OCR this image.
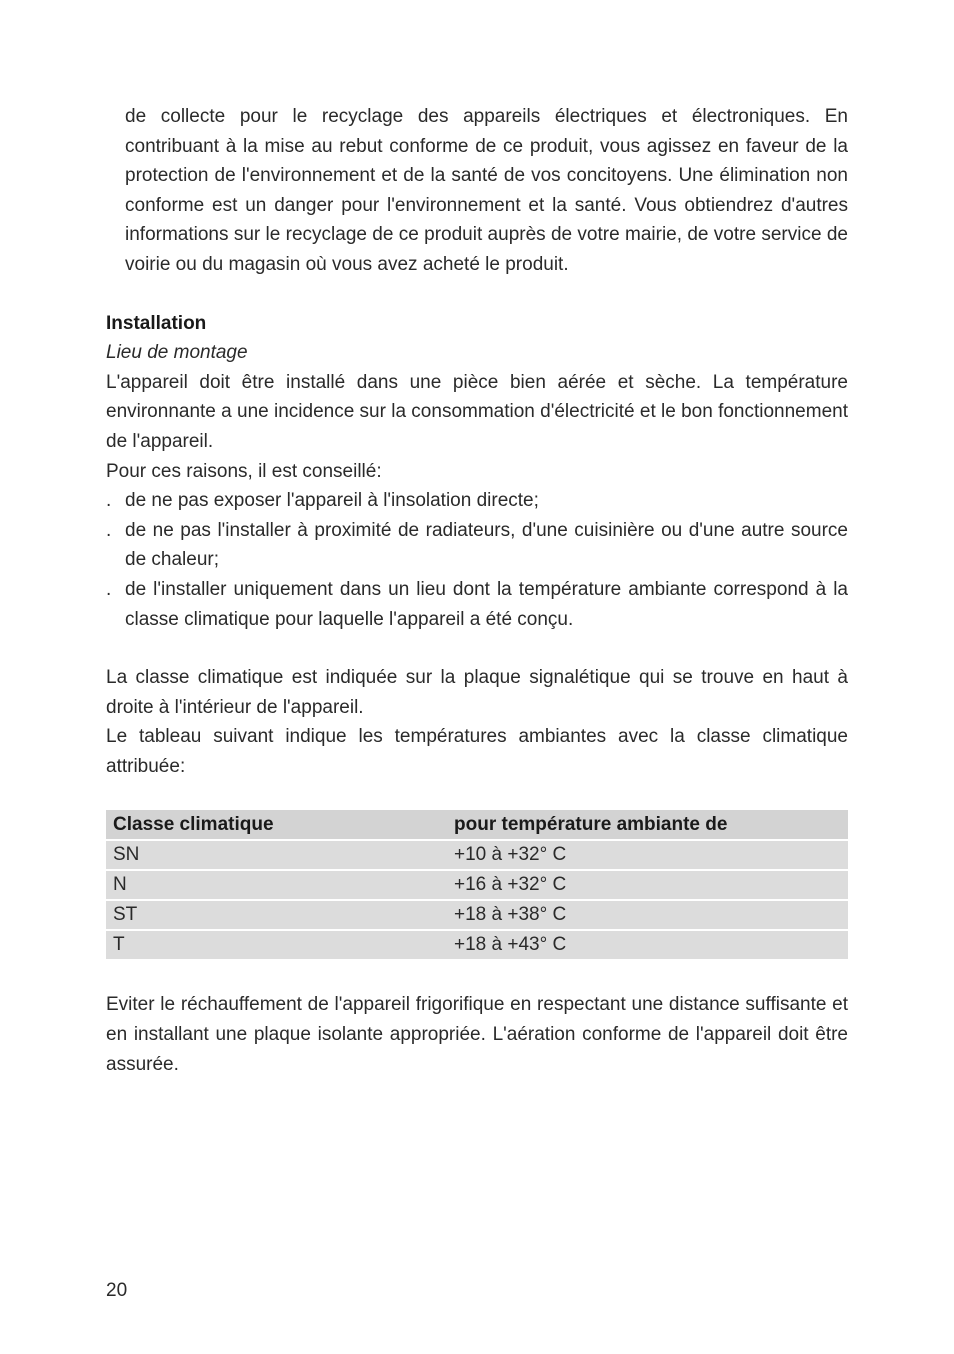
de collecte pour le recyclage des appareils électriques et électroniques. En contribuant à la mise au rebut conforme de ce produit, vous agissez en faveur de la protection de l'environnement et de la santé de vos concitoyens. Une élimination non conforme est un danger pour l'environnement et la santé. Vous obtiendrez d'autres informations sur le recyclage de ce produit auprès de votre mairie, de votre service de voirie ou du magasin où vous avez acheté le produit.

Installation

Lieu de montage

L'appareil doit être installé dans une pièce bien aérée et sèche. La température environnante a une incidence sur la consommation d'électricité et le bon fonctionnement de l'appareil.

Pour ces raisons, il est conseillé:

. de ne pas exposer l'appareil à l'insolation directe;
. de ne pas l'installer à proximité de radiateurs, d'une cuisinière ou d'une autre source de chaleur;
. de l'installer uniquement dans un lieu dont la température ambiante correspond à la classe climatique pour laquelle l'appareil a été conçu.

La classe climatique est indiquée sur la plaque signalétique qui se trouve en haut à droite à l'intérieur de l'appareil.

Le tableau suivant indique les températures ambiantes avec la classe climatique attribuée:

Classe climatique	pour température ambiante de
SN	+10 à +32° C
N	+16 à +32° C
ST	+18 à +38° C
T	+18 à +43° C

Eviter le réchauffement de l'appareil frigorifique en respectant une distance suffisante et en installant une plaque isolante appropriée. L'aération conforme de l'appareil doit être assurée.

20
